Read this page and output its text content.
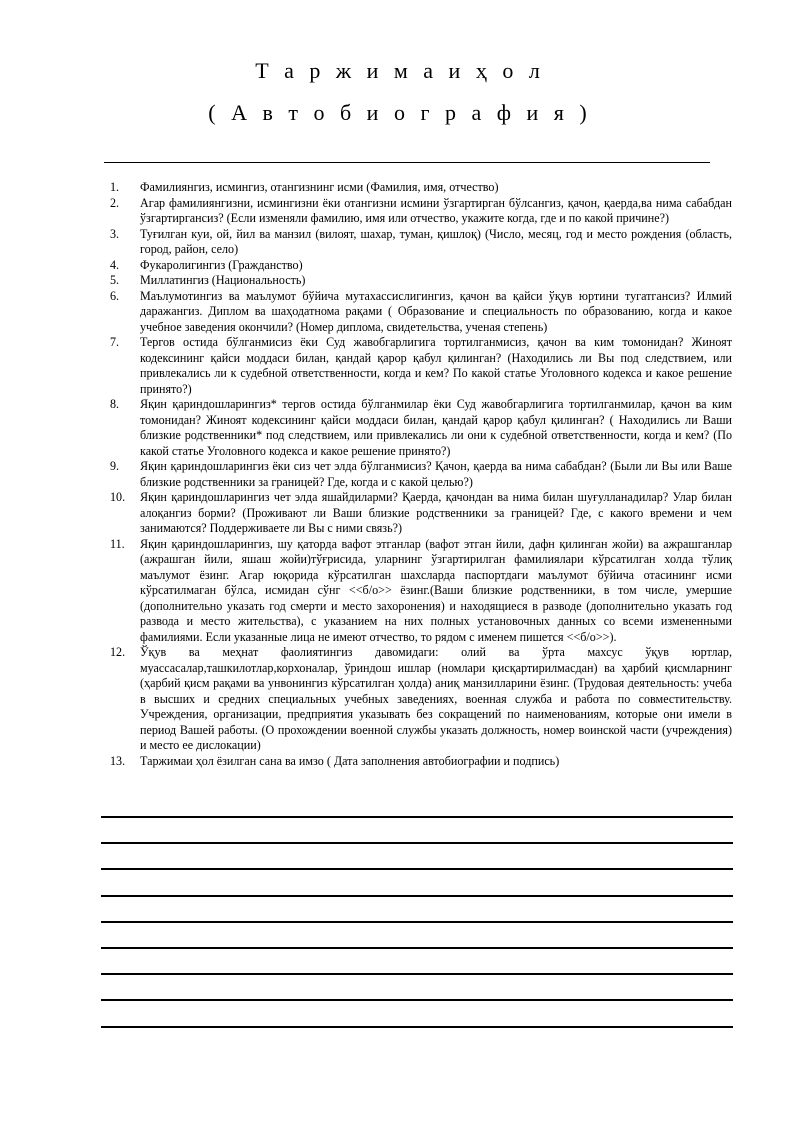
Т а р ж и м а и ҳ о л
( А в т о б и о г р а ф и я )
1.	Фамилиянгиз, исмингиз, отангизнинг исми (Фамилия, имя, отчество)
2.	Агар фамилиянгизни, исмингизни ёки отангизни исмини ўзгартирган бўлсангиз, қачон, қаерда,ва нима сабабдан ўзгартиргансиз? (Если изменяли фамилию, имя или отчество, укажите когда, где и по какой причине?)
3.	Туғилган куи, ой, йил ва манзил (вилоят, шахар, туман, қишлоқ) (Число, месяц, год и место рождения (область, город, район, село)
4.	Фукаролигингиз (Гражданство)
5.	Миллатингиз (Национальность)
6.	Маълумотингиз ва маълумот бўйича мутахассислигингиз, қачон ва қайси ўқув юртини тугатгансиз? Илмий даражангиз. Диплом ва шаҳодатнома рақами ( Образование и специальность по образованию, когда и какое учебное заведения окончили? (Номер диплома, свидетельства, ученая степень)
7.	Тергов остида бўлганмисиз ёки Суд жавобгарлигига тортилганмисиз, қачон ва ким томонидан? Жиноят кодексининг қайси моддаси билан, қандай қарор қабул қилинган? (Находились ли Вы под следствием, или привлекались ли к судебной ответственности, когда и кем? По какой статье Уголовного кодекса и какое решение принято?)
8.	Яқин қариндошларингиз* тергов остида бўлганмилар ёки Суд жавобгарлигига тортилганмилар, қачон ва ким томонидан? Жиноят кодексининг қайси моддаси билан, қандай қарор қабул қилинган? ( Находились ли Ваши близкие родственники* под следствием, или привлекались ли они к судебной ответственности, когда и кем? (По какой статье Уголовного кодекса и какое решение принято?)
9.	Яқин қариндошларингиз ёки сиз чет элда бўлганмисиз? Қачон, қаерда ва нима сабабдан? (Были ли Вы или Ваше близкие родственники за границей? Где, когда и с какой целью?)
10.	Яқин қариндошларингиз чет элда яшайдиларми? Қаерда, қачондан ва нима билан шуғулланадилар? Улар билан алоқангиз борми? (Проживают ли Ваши близкие родственники за границей? Где, с какого времени и чем занимаются? Поддерживаете ли Вы с ними связь?)
11.	Яқин қариндошларингиз, шу қаторда вафот этганлар (вафот этган йили, дафн қилинган жойи) ва ажрашганлар (ажрашган йили, яшаш жойи)тўғрисида, уларнинг ўзгартирилган фамилиялари кўрсатилган холда тўлиқ маълумот ёзинг. Агар юқорида кўрсатилган шахсларда паспортдаги маълумот бўйича отасининг исми кўрсатилмаган бўлса, исмидан сўнг <<б/о>> ёзинг.(Ваши близкие родственники, в том числе, умершие (дополнительно указать год смерти и место захоронения) и находящиеся в разводе (дополнительно указать год развода и место жительства), с указанием на них полных установочных данных со всеми измененными фамилиями. Если указанные лица не имеют отчество, то рядом с именем пишется <<б/о>>).
12.	Ўқув ва меҳнат фаолиятингиз давомидаги: олий ва ўрта махсус ўқув юртлар, муассасалар,ташкилотлар,корхоналар, ўриндош ишлар (номлари қисқартирилмасдан) ва ҳарбий қисмларнинг (ҳарбий қисм рақами ва унвонингиз кўрсатилган ҳолда) аниқ манзилларини ёзинг. (Трудовая деятельность: учеба в высших и средних специальных учебных заведениях, военная служба и работа по совместительству. Учреждения, организации, предприятия указывать без сокращений по наименованиям, которые они имели в период Вашей работы. (О прохождении военной службы указать должность, номер воинской части (учреждения) и место ее дислокации)
13.	Таржимаи ҳол ёзилган сана ва имзо ( Дата заполнения автобиографии и подпись)
